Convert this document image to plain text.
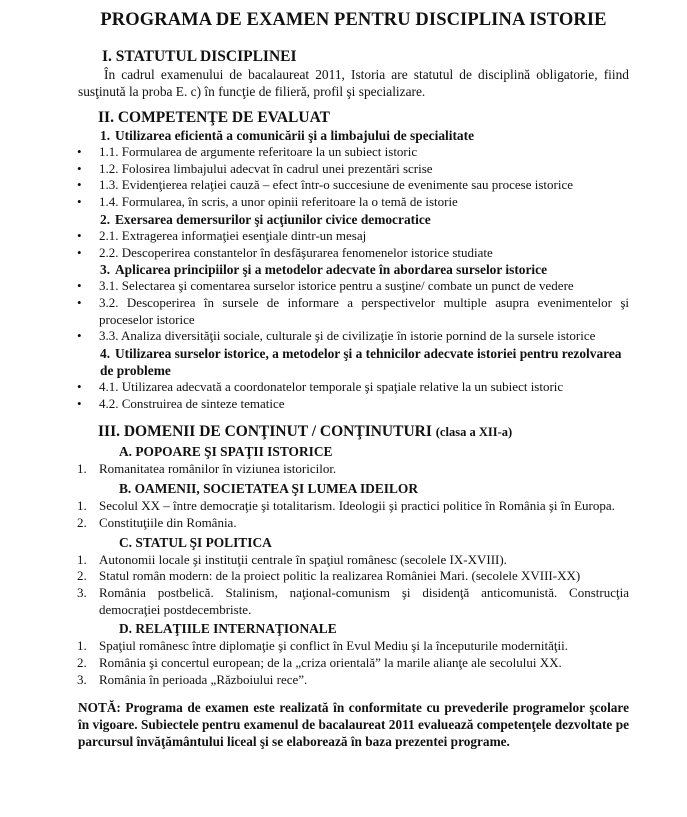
PROGRAMA DE EXAMEN PENTRU DISCIPLINA ISTORIE
I. STATUTUL DISCIPLINEI

În cadrul examenului de bacalaureat 2011, Istoria are statutul de disciplină obligatorie, fiind susţinută la proba E. c) în funcţie de filieră, profil şi specializare.

II. COMPETENŢE DE EVALUAT
1. Utilizarea eficientă a comunicării şi a limbajului de specialitate
• 1.1. Formularea de argumente referitoare la un subiect istoric
• 1.2. Folosirea limbajului adecvat în cadrul unei prezentări scrise
• 1.3. Evidenţierea relaţiei cauză – efect într-o succesiune de evenimente sau procese istorice
• 1.4. Formularea, în scris, a unor opinii referitoare la o temă de istorie
2. Exersarea demersurilor şi acţiunilor civice democratice
• 2.1. Extragerea informaţiei esenţiale dintr-un mesaj
• 2.2. Descoperirea constantelor în desfăşurarea fenomenelor istorice studiate
3. Aplicarea principiilor şi a metodelor adecvate în abordarea surselor istorice
• 3.1. Selectarea şi comentarea surselor istorice pentru a susţine/ combate un punct de vedere
• 3.2. Descoperirea în sursele de informare a perspectivelor multiple asupra evenimentelor şi proceselor istorice
• 3.3. Analiza diversităţii sociale, culturale şi de civilizaţie în istorie pornind de la sursele istorice
4. Utilizarea surselor istorice, a metodelor şi a tehnicilor adecvate istoriei pentru rezolvarea de probleme
• 4.1. Utilizarea adecvată a coordonatelor temporale şi spaţiale relative la un subiect istoric
• 4.2. Construirea de sinteze tematice
III. DOMENII DE CONŢINUT / CONŢINUTURI (clasa a XII-a)
A. POPOARE ŞI SPAŢII ISTORICE
1. Romanitatea românilor în viziunea istoricilor.
B. OAMENII, SOCIETATEA ŞI LUMEA IDEILOR
1. Secolul XX – între democraţie şi totalitarism. Ideologii şi practici politice în România şi în Europa.
2. Constituţiile din România.
C. STATUL ŞI POLITICA
1. Autonomii locale şi instituţii centrale în spaţiul românesc (secolele IX-XVIII).
2. Statul român modern: de la proiect politic la realizarea României Mari. (secolele XVIII-XX)
3. România postbelică. Stalinism, naţional-comunism şi disidenţă anticomunistă. Construcţia democraţiei postdecembriste.
D. RELAŢIILE INTERNAŢIONALE
1. Spaţiul românesc între diplomaţie şi conflict în Evul Mediu şi la începuturile modernităţii.
2. România şi concertul european; de la „criza orientală” la marile alianţe ale secolului XX.
3. România în perioada „Războiului rece”.
NOTĂ: Programa de examen este realizată în conformitate cu prevederile programelor şcolare în vigoare. Subiectele pentru examenul de bacalaureat 2011 evaluează competenţele dezvoltate pe parcursul învăţământului liceal şi se elaborează în baza prezentei programe.
